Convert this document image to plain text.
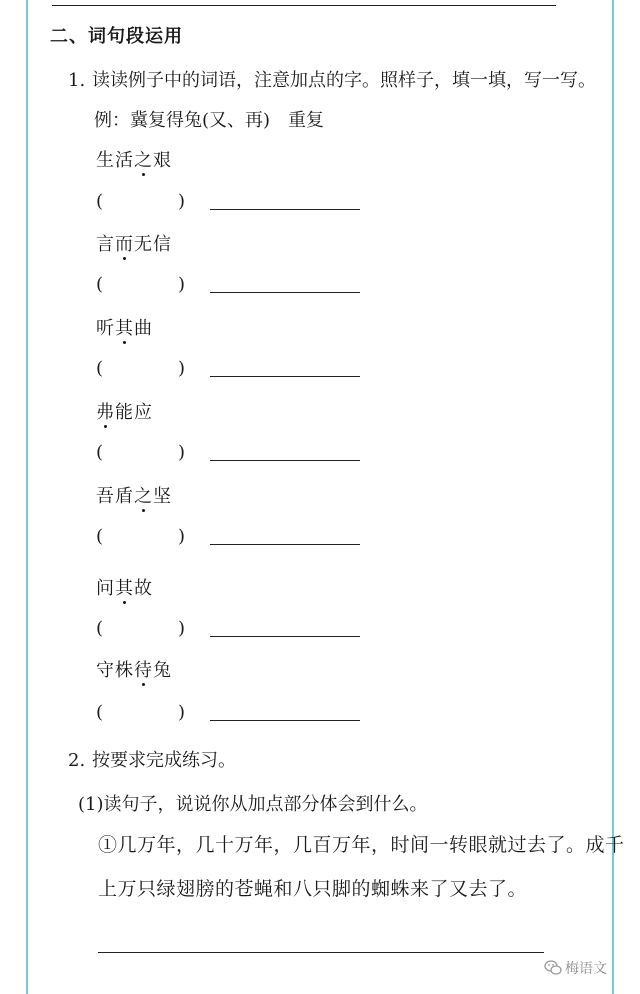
二、词句段运用
1. 读读例子中的词语，注意加点的字。照样子，填一填，写一写。
例：冀复得兔(又、再) 重复
生活之艰
(	)
言而无信
(	)
听其曲
(	)
弗能应
(	)
吾盾之坚
(	)
问其故
(	)
守株待兔
(	)
2. 按要求完成练习。
(1)读句子，说说你从加点部分体会到什么。
①几万年，几十万年，几百万年，时间一转眼就过去了。成千
上万只绿翅膀的苍蝇和八只脚的蜘蛛来了又去了。
梅语文
